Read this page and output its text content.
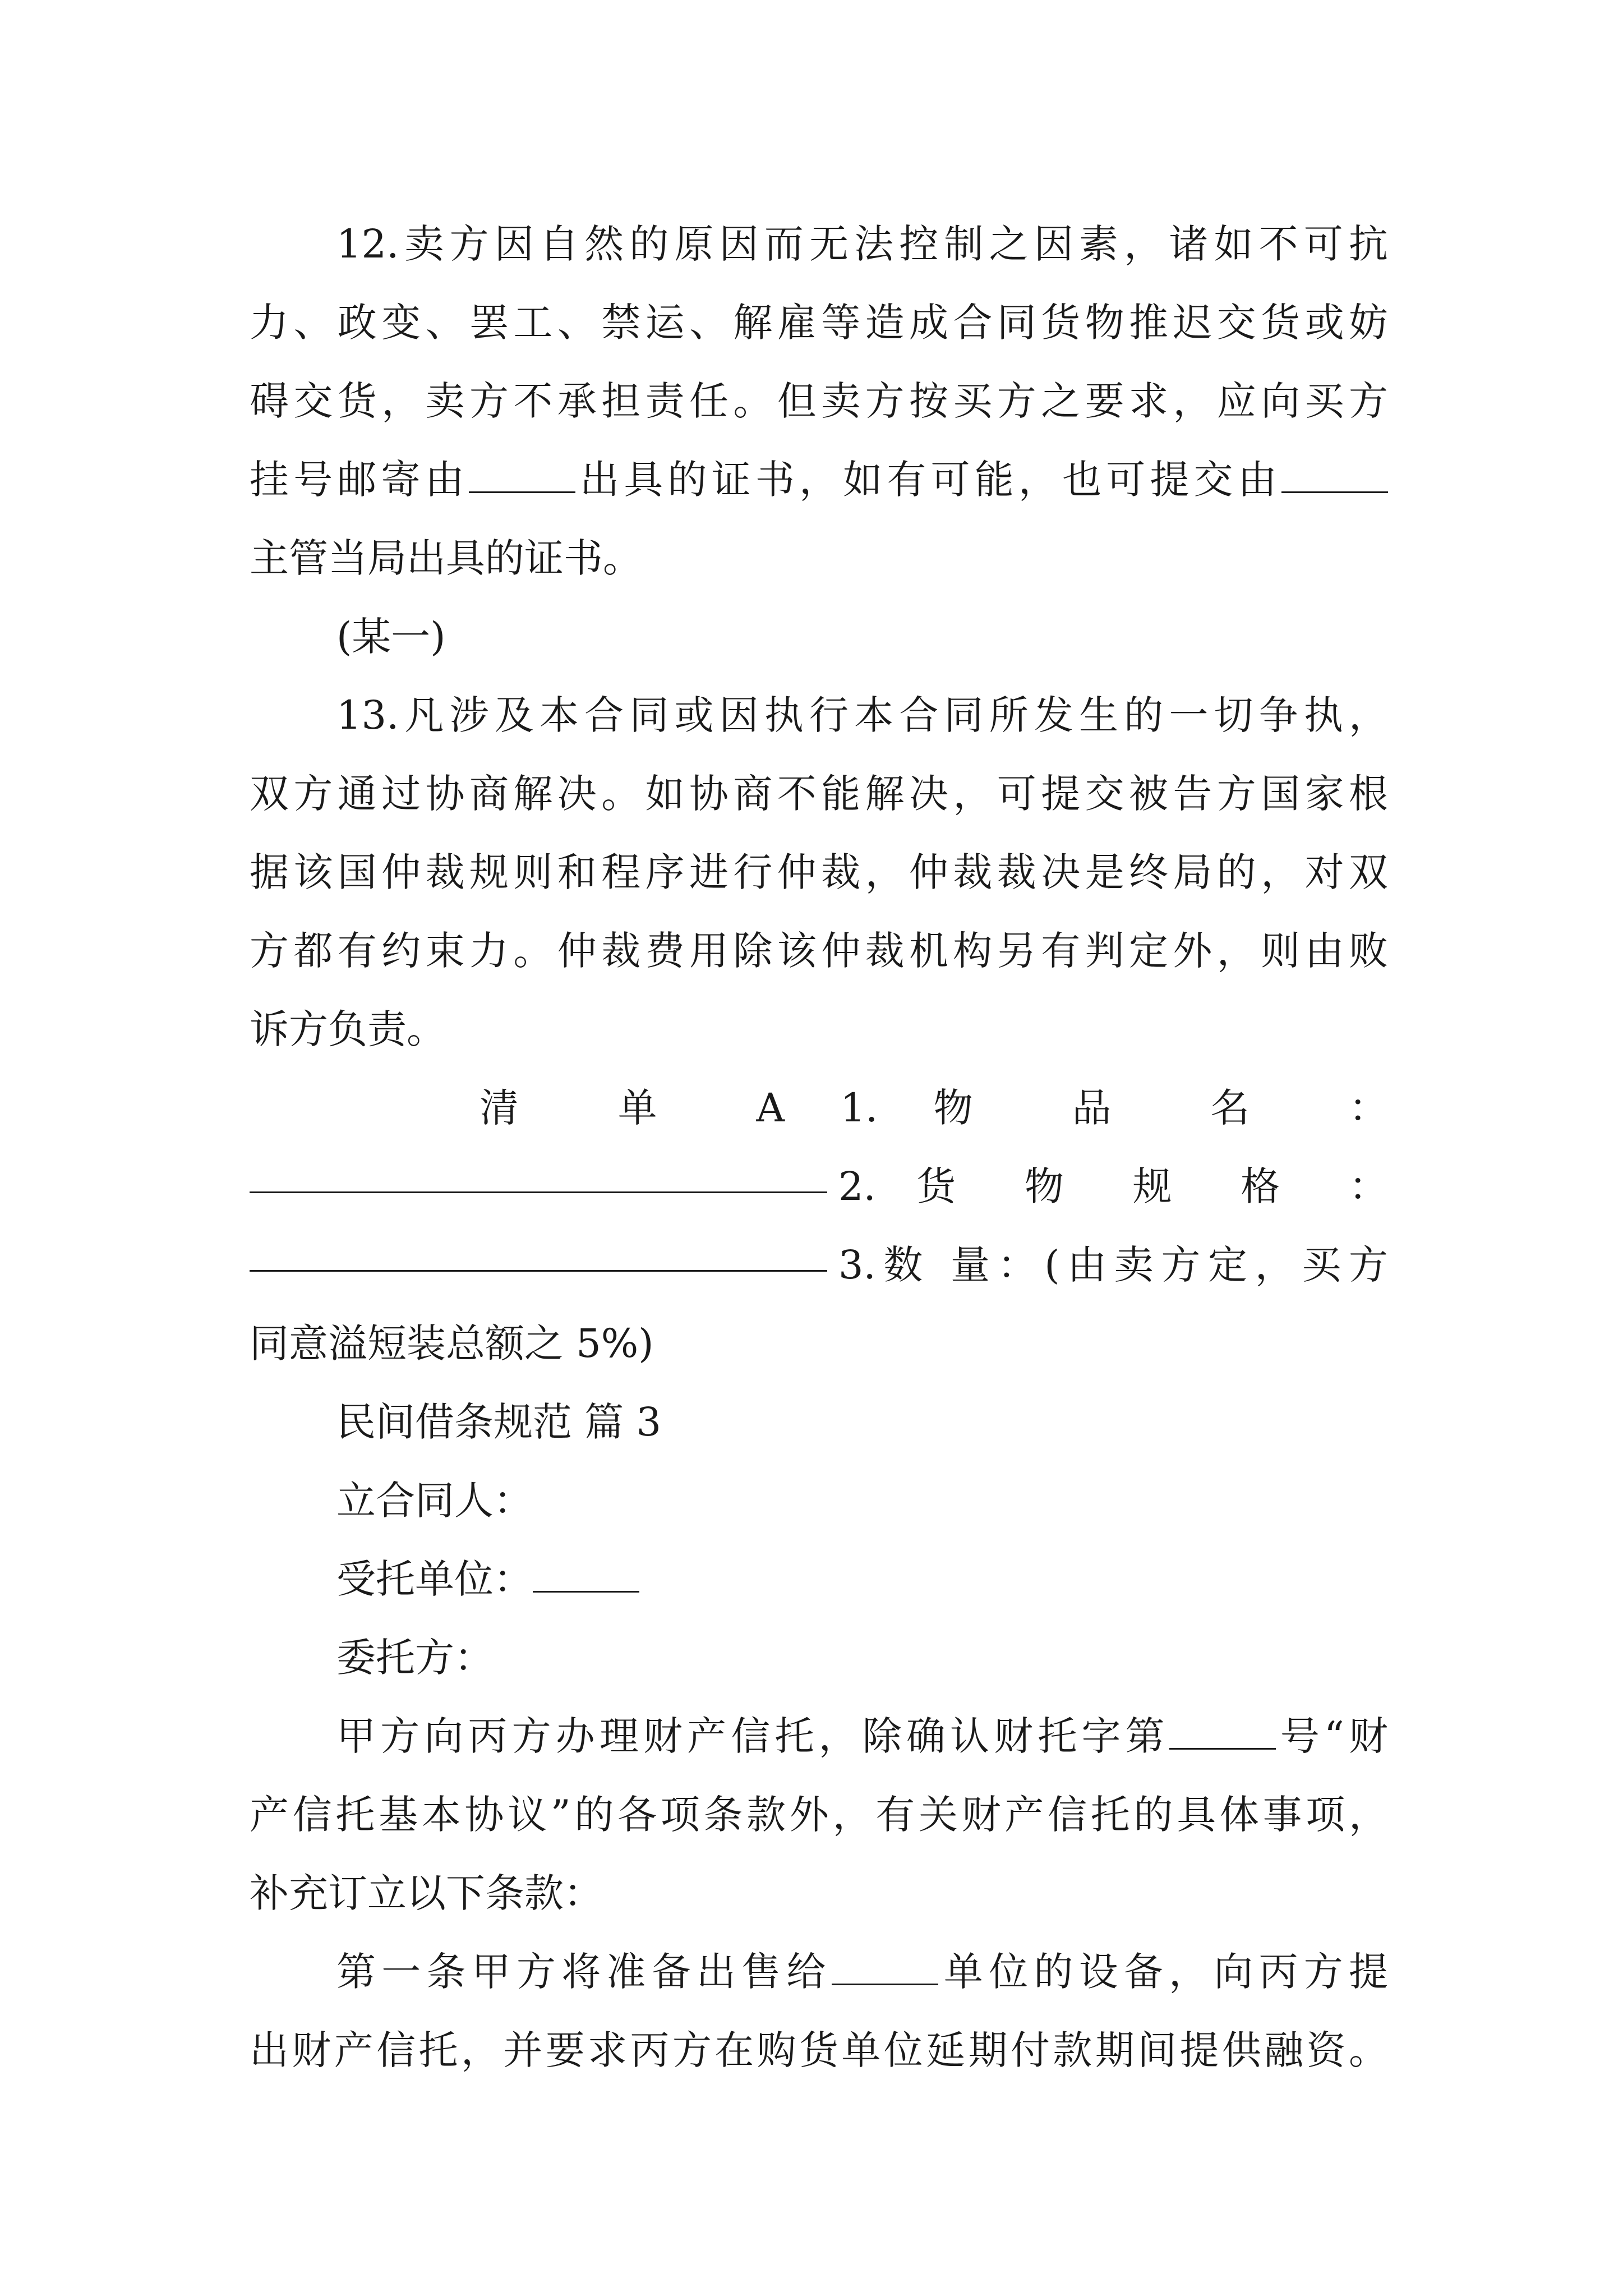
12.卖方因自然的原因而无法控制之因素，诸如不可抗
力、政变、罢工、禁运、解雇等造成合同货物推迟交货或妨
碍交货，卖方不承担责任。但卖方按买方之要求，应向买方
挂号邮寄由	出具的证书，如有可能，也可提交由
主管当局出具的证书。
(某一)
13.凡涉及本合同或因执行本合同所发生的一切争执，
双方通过协商解决。如协商不能解决，可提交被告方国家根
据该国仲裁规则和程序进行仲裁，仲裁裁决是终局的，对双
方都有约束力。仲裁费用除该仲裁机构另有判定外，则由败
诉方负责。
清 单 A 1. 物 品 名 ：
2. 货 物 规 格 ：
3.数 量：(由卖方定，买方
同意溢短装总额之 5%)
民间借条规范 篇 3
立合同人：
受托单位：
委托方：
甲方向丙方办理财产信托，除确认财托字第	号“财
产信托基本协议”的各项条款外，有关财产信托的具体事项，
补充订立以下条款：
第一条甲方将准备出售给	单位的设备，向丙方提
出财产信托，并要求丙方在购货单位延期付款期间提供融资。
